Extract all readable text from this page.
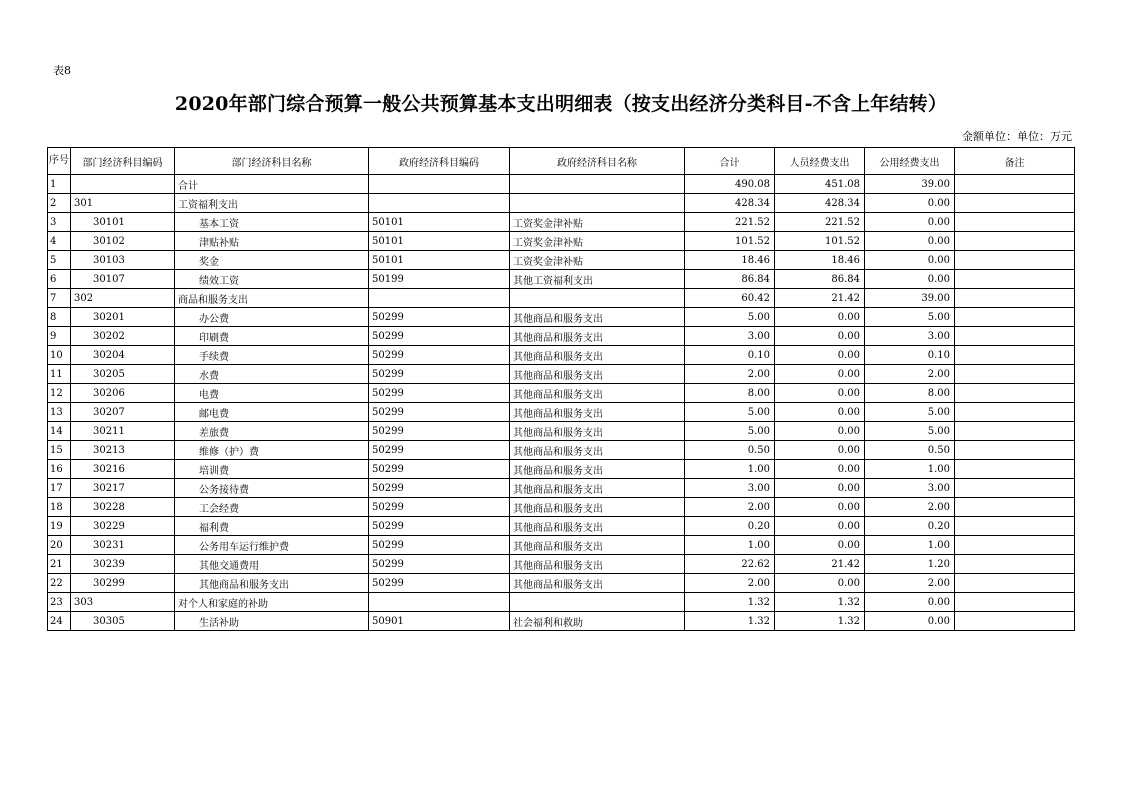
表8
2020年部门综合预算一般公共预算基本支出明细表（按支出经济分类科目-不含上年结转）
金额单位：单位：万元
序号	部门经济科目编码	部门经济科目名称	政府经济科目编码	政府经济科目名称	合计	人员经费支出	公用经费支出	备注
1		合计			490.08	451.08	39.00	
2	301	工资福利支出			428.34	428.34	0.00	
3	30101	基本工资	50101	工资奖金津补贴	221.52	221.52	0.00	
4	30102	津贴补贴	50101	工资奖金津补贴	101.52	101.52	0.00	
5	30103	奖金	50101	工资奖金津补贴	18.46	18.46	0.00	
6	30107	绩效工资	50199	其他工资福利支出	86.84	86.84	0.00	
7	302	商品和服务支出			60.42	21.42	39.00	
8	30201	办公费	50299	其他商品和服务支出	5.00	0.00	5.00	
9	30202	印刷费	50299	其他商品和服务支出	3.00	0.00	3.00	
10	30204	手续费	50299	其他商品和服务支出	0.10	0.00	0.10	
11	30205	水费	50299	其他商品和服务支出	2.00	0.00	2.00	
12	30206	电费	50299	其他商品和服务支出	8.00	0.00	8.00	
13	30207	邮电费	50299	其他商品和服务支出	5.00	0.00	5.00	
14	30211	差旅费	50299	其他商品和服务支出	5.00	0.00	5.00	
15	30213	维修（护）费	50299	其他商品和服务支出	0.50	0.00	0.50	
16	30216	培训费	50299	其他商品和服务支出	1.00	0.00	1.00	
17	30217	公务接待费	50299	其他商品和服务支出	3.00	0.00	3.00	
18	30228	工会经费	50299	其他商品和服务支出	2.00	0.00	2.00	
19	30229	福利费	50299	其他商品和服务支出	0.20	0.00	0.20	
20	30231	公务用车运行维护费	50299	其他商品和服务支出	1.00	0.00	1.00	
21	30239	其他交通费用	50299	其他商品和服务支出	22.62	21.42	1.20	
22	30299	其他商品和服务支出	50299	其他商品和服务支出	2.00	0.00	2.00	
23	303	对个人和家庭的补助			1.32	1.32	0.00	
24	30305	生活补助	50901	社会福利和救助	1.32	1.32	0.00	
